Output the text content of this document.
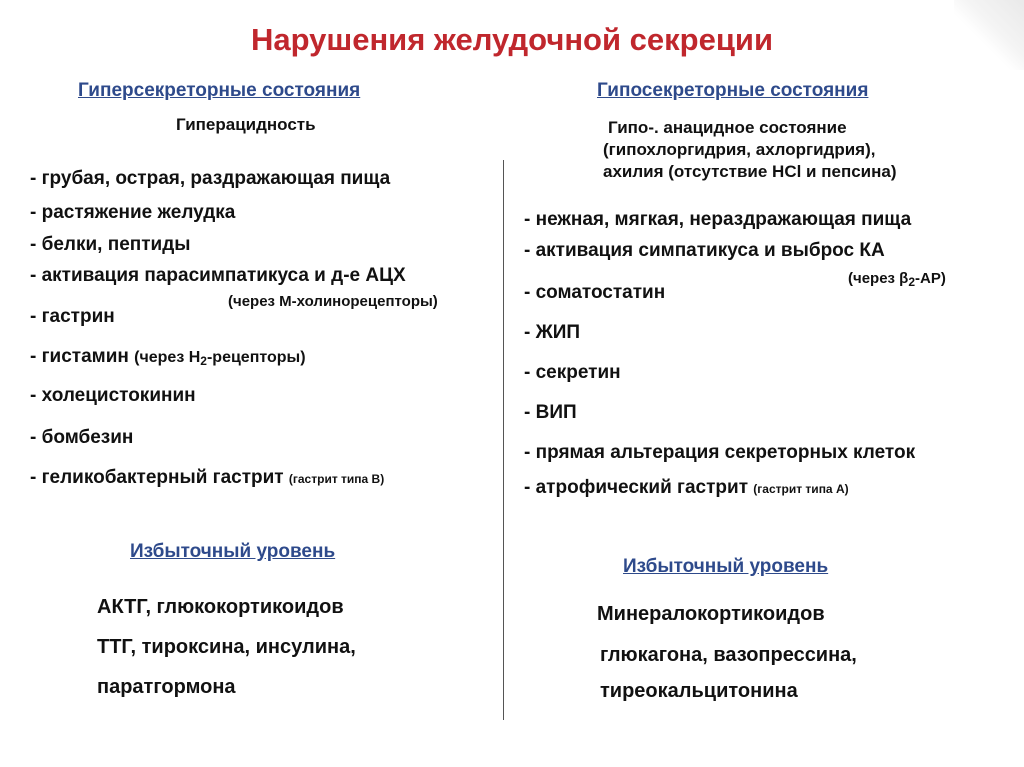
Нарушения желудочной секреции
Гиперсекреторные состояния
Гиперацидность
- грубая, острая, раздражающая пища
- растяжение желудка
- белки, пептиды
- активация парасимпатикуса и д-е АЦХ
(через М-холинорецепторы)
- гастрин
- гистамин (через $Н_2-рецепторы$)
- холецистокинин
- бомбезин
- геликобактерный гастрит (гастрит типа В)
Избыточный уровень
АКТГ, глюкокортикоидов
ТТГ, тироксина, инсулина,
паратгормона
Гипосекреторные состояния
Гипо-. анацидное состояние
(гипохлоргидрия, ахлоргидрия),
ахилия (отсутствие НСl и пепсина)
- нежная, мягкая, нераздражающая пища
- активация симпатикуса и выброс КА
(через $\beta_2-АР$)
- соматостатин
- ЖИП
- секретин
- ВИП
- прямая альтерация секреторных клеток
- атрофический гастрит (гастрит типа А)
Избыточный уровень
Минералокортикоидов
глюкагона, вазопрессина,
тиреокальцитонина
